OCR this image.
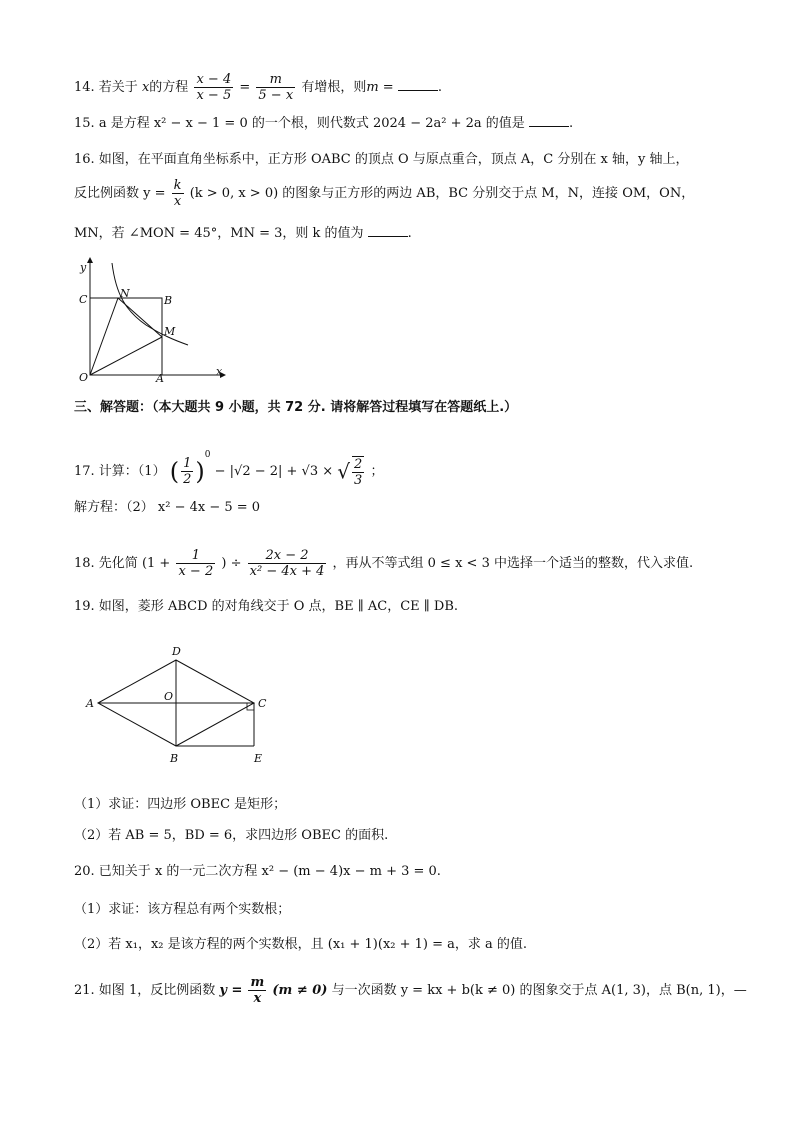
14. 若关于 x的方程 $\frac{x - 4}{x - 5} = \frac{m}{5 - x}$ 有增根，则m =	.
15. a 是方程 x² − x − 1 = 0 的一个根，则代数式 2024 − 2a² + 2a 的值是	.
16. 如图，在平面直角坐标系中，正方形 OABC 的顶点 O 与原点重合，顶点 A，C 分别在 x 轴，y 轴上，
反比例函数 $y = \frac{k}{x} (k > 0$, x > 0) 的图象与正方形的两边 AB，BC 分别交于点 M，N，连接 OM，ON，
MN，若 ∠MON = 45°，MN = 3，则 k 的值为	.
y
x
C	N
B
M
O	A
三、解答题：（本大题共 9 小题，共 72 分. 请将解答过程填写在答题纸上.）
17. 计算：（1） ( $\frac{1}{2} )^0 - |√2 - 2| + √3$ × √ $\frac{2}{3}$ ；
解方程：（2） x² − 4x − 5 = 0
18. 先化简 ($1 + \frac{1}{x - 2}$ ) ÷ $\frac{2x - 2}{\text{x² − 4x + 4}}$ ，再从不等式组 0 ≤ x < 3 中选择一个适当的整数，代入求值.
19. 如图，菱形 ABCD 的对角线交于 O 点，BE ∥ AC，CE ∥ DB.
A
D
C
O
B	E
（1）求证：四边形 OBEC 是矩形；
（2）若 AB = 5，BD = 6，求四边形 OBEC 的面积.
20. 已知关于 x 的一元二次方程 x² − (m − 4)x − m + 3 = 0.
（1）求证：该方程总有两个实数根；
（2）若 x₁，x₂ 是该方程的两个实数根，且 (x₁ + 1)(x₂ + 1) = a，求 a 的值.
21. 如图 1，反比例函数 $y = \frac{m}{x} (m \ne 0)$ 与一次函数 y = kx + b(k ≠ 0) 的图象交于点 A(1, 3)，点 B(n, 1)，—
